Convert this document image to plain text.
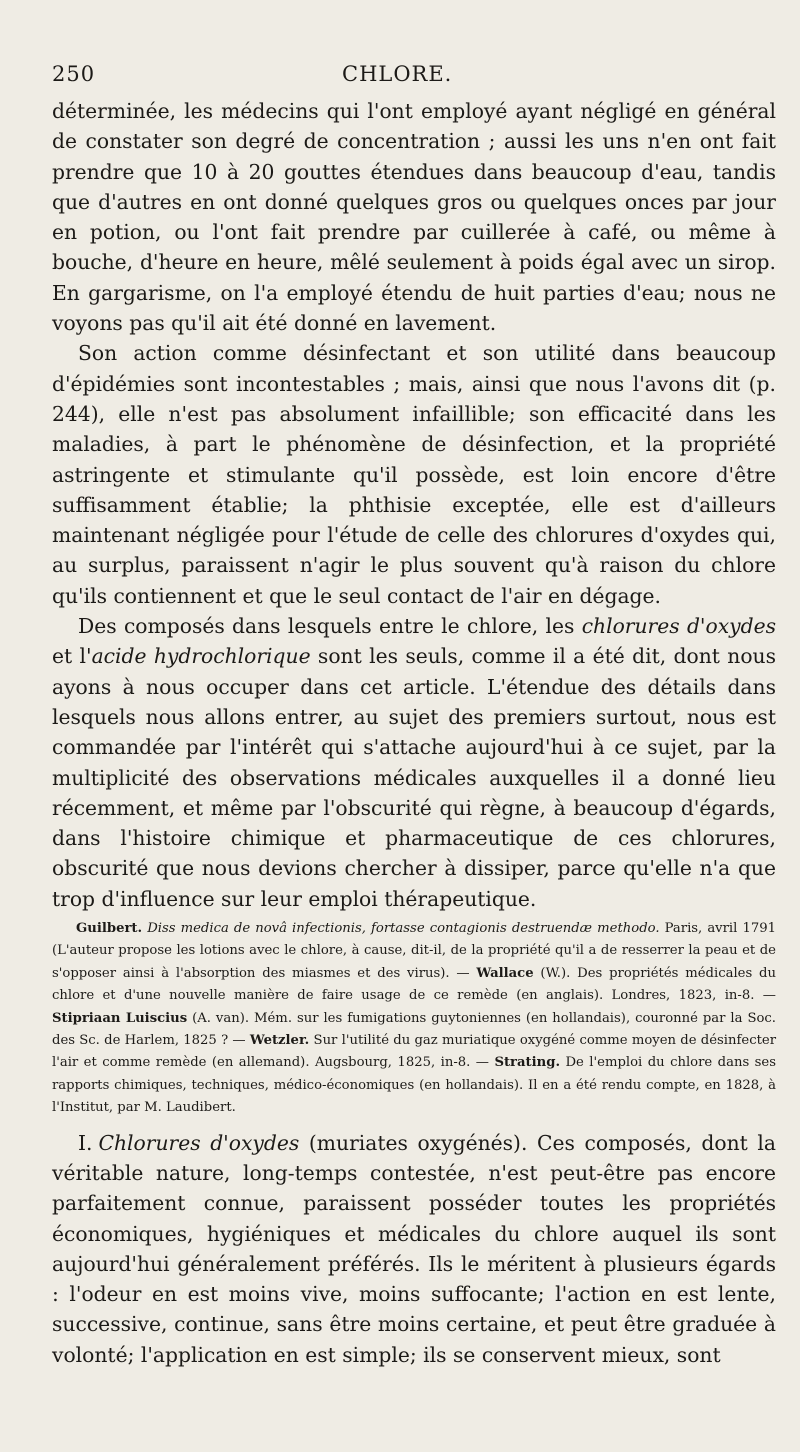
250	CHLORE.

déterminée, les médecins qui l'ont employé ayant négligé en général de constater son degré de concentration ; aussi les uns n'en ont fait prendre que 10 à 20 gouttes étendues dans beaucoup d'eau, tandis que d'autres en ont donné quelques gros ou quelques onces par jour en potion, ou l'ont fait prendre par cuillerée à café, ou même à bouche, d'heure en heure, mêlé seulement à poids égal avec un sirop. En gargarisme, on l'a employé étendu de huit parties d'eau; nous ne voyons pas qu'il ait été donné en lavement.

Son action comme désinfectant et son utilité dans beaucoup d'épidémies sont incontestables ; mais, ainsi que nous l'avons dit (p. 244), elle n'est pas absolument infaillible; son efficacité dans les maladies, à part le phénomène de désinfection, et la propriété astringente et stimulante qu'il possède, est loin encore d'être suffisamment établie; la phthisie exceptée, elle est d'ailleurs maintenant négligée pour l'étude de celle des chlorures d'oxydes qui, au surplus, paraissent n'agir le plus souvent qu'à raison du chlore qu'ils contiennent et que le seul contact de l'air en dégage.

Des composés dans lesquels entre le chlore, les chlorures d'oxydes et l'acide hydrochlorique sont les seuls, comme il a été dit, dont nous ayons à nous occuper dans cet article. L'étendue des détails dans lesquels nous allons entrer, au sujet des premiers surtout, nous est commandée par l'intérêt qui s'attache aujourd'hui à ce sujet, par la multiplicité des observations médicales auxquelles il a donné lieu récemment, et même par l'obscurité qui règne, à beaucoup d'égards, dans l'histoire chimique et pharmaceutique de ces chlorures, obscurité que nous devions chercher à dissiper, parce qu'elle n'a que trop d'influence sur leur emploi thérapeutique.

Guilbert. Diss medica de novâ infectionis, fortasse contagionis destruendæ methodo. Paris, avril 1791 (L'auteur propose les lotions avec le chlore, à cause, dit-il, de la propriété qu'il a de resserrer la peau et de s'opposer ainsi à l'absorption des miasmes et des virus). — Wallace (W.). Des propriétés médicales du chlore et d'une nouvelle manière de faire usage de ce remède (en anglais). Londres, 1823, in-8. — Stipriaan Luiscius (A. van). Mém. sur les fumigations guytoniennes (en hollandais), couronné par la Soc. des Sc. de Harlem, 1825 ? — Wetzler. Sur l'utilité du gaz muriatique oxygéné comme moyen de désinfecter l'air et comme remède (en allemand). Augsbourg, 1825, in-8. — Strating. De l'emploi du chlore dans ses rapports chimiques, techniques, médico-économiques (en hollandais). Il en a été rendu compte, en 1828, à l'Institut, par M. Laudibert.

I. Chlorures d'oxydes (muriates oxygénés). Ces composés, dont la véritable nature, long-temps contestée, n'est peut-être pas encore parfaitement connue, paraissent posséder toutes les propriétés économiques, hygiéniques et médicales du chlore auquel ils sont aujourd'hui généralement préférés. Ils le méritent à plusieurs égards : l'odeur en est moins vive, moins suffocante; l'action en est lente, successive, continue, sans être moins certaine, et peut être graduée à volonté; l'application en est simple; ils se conservent mieux, sont
